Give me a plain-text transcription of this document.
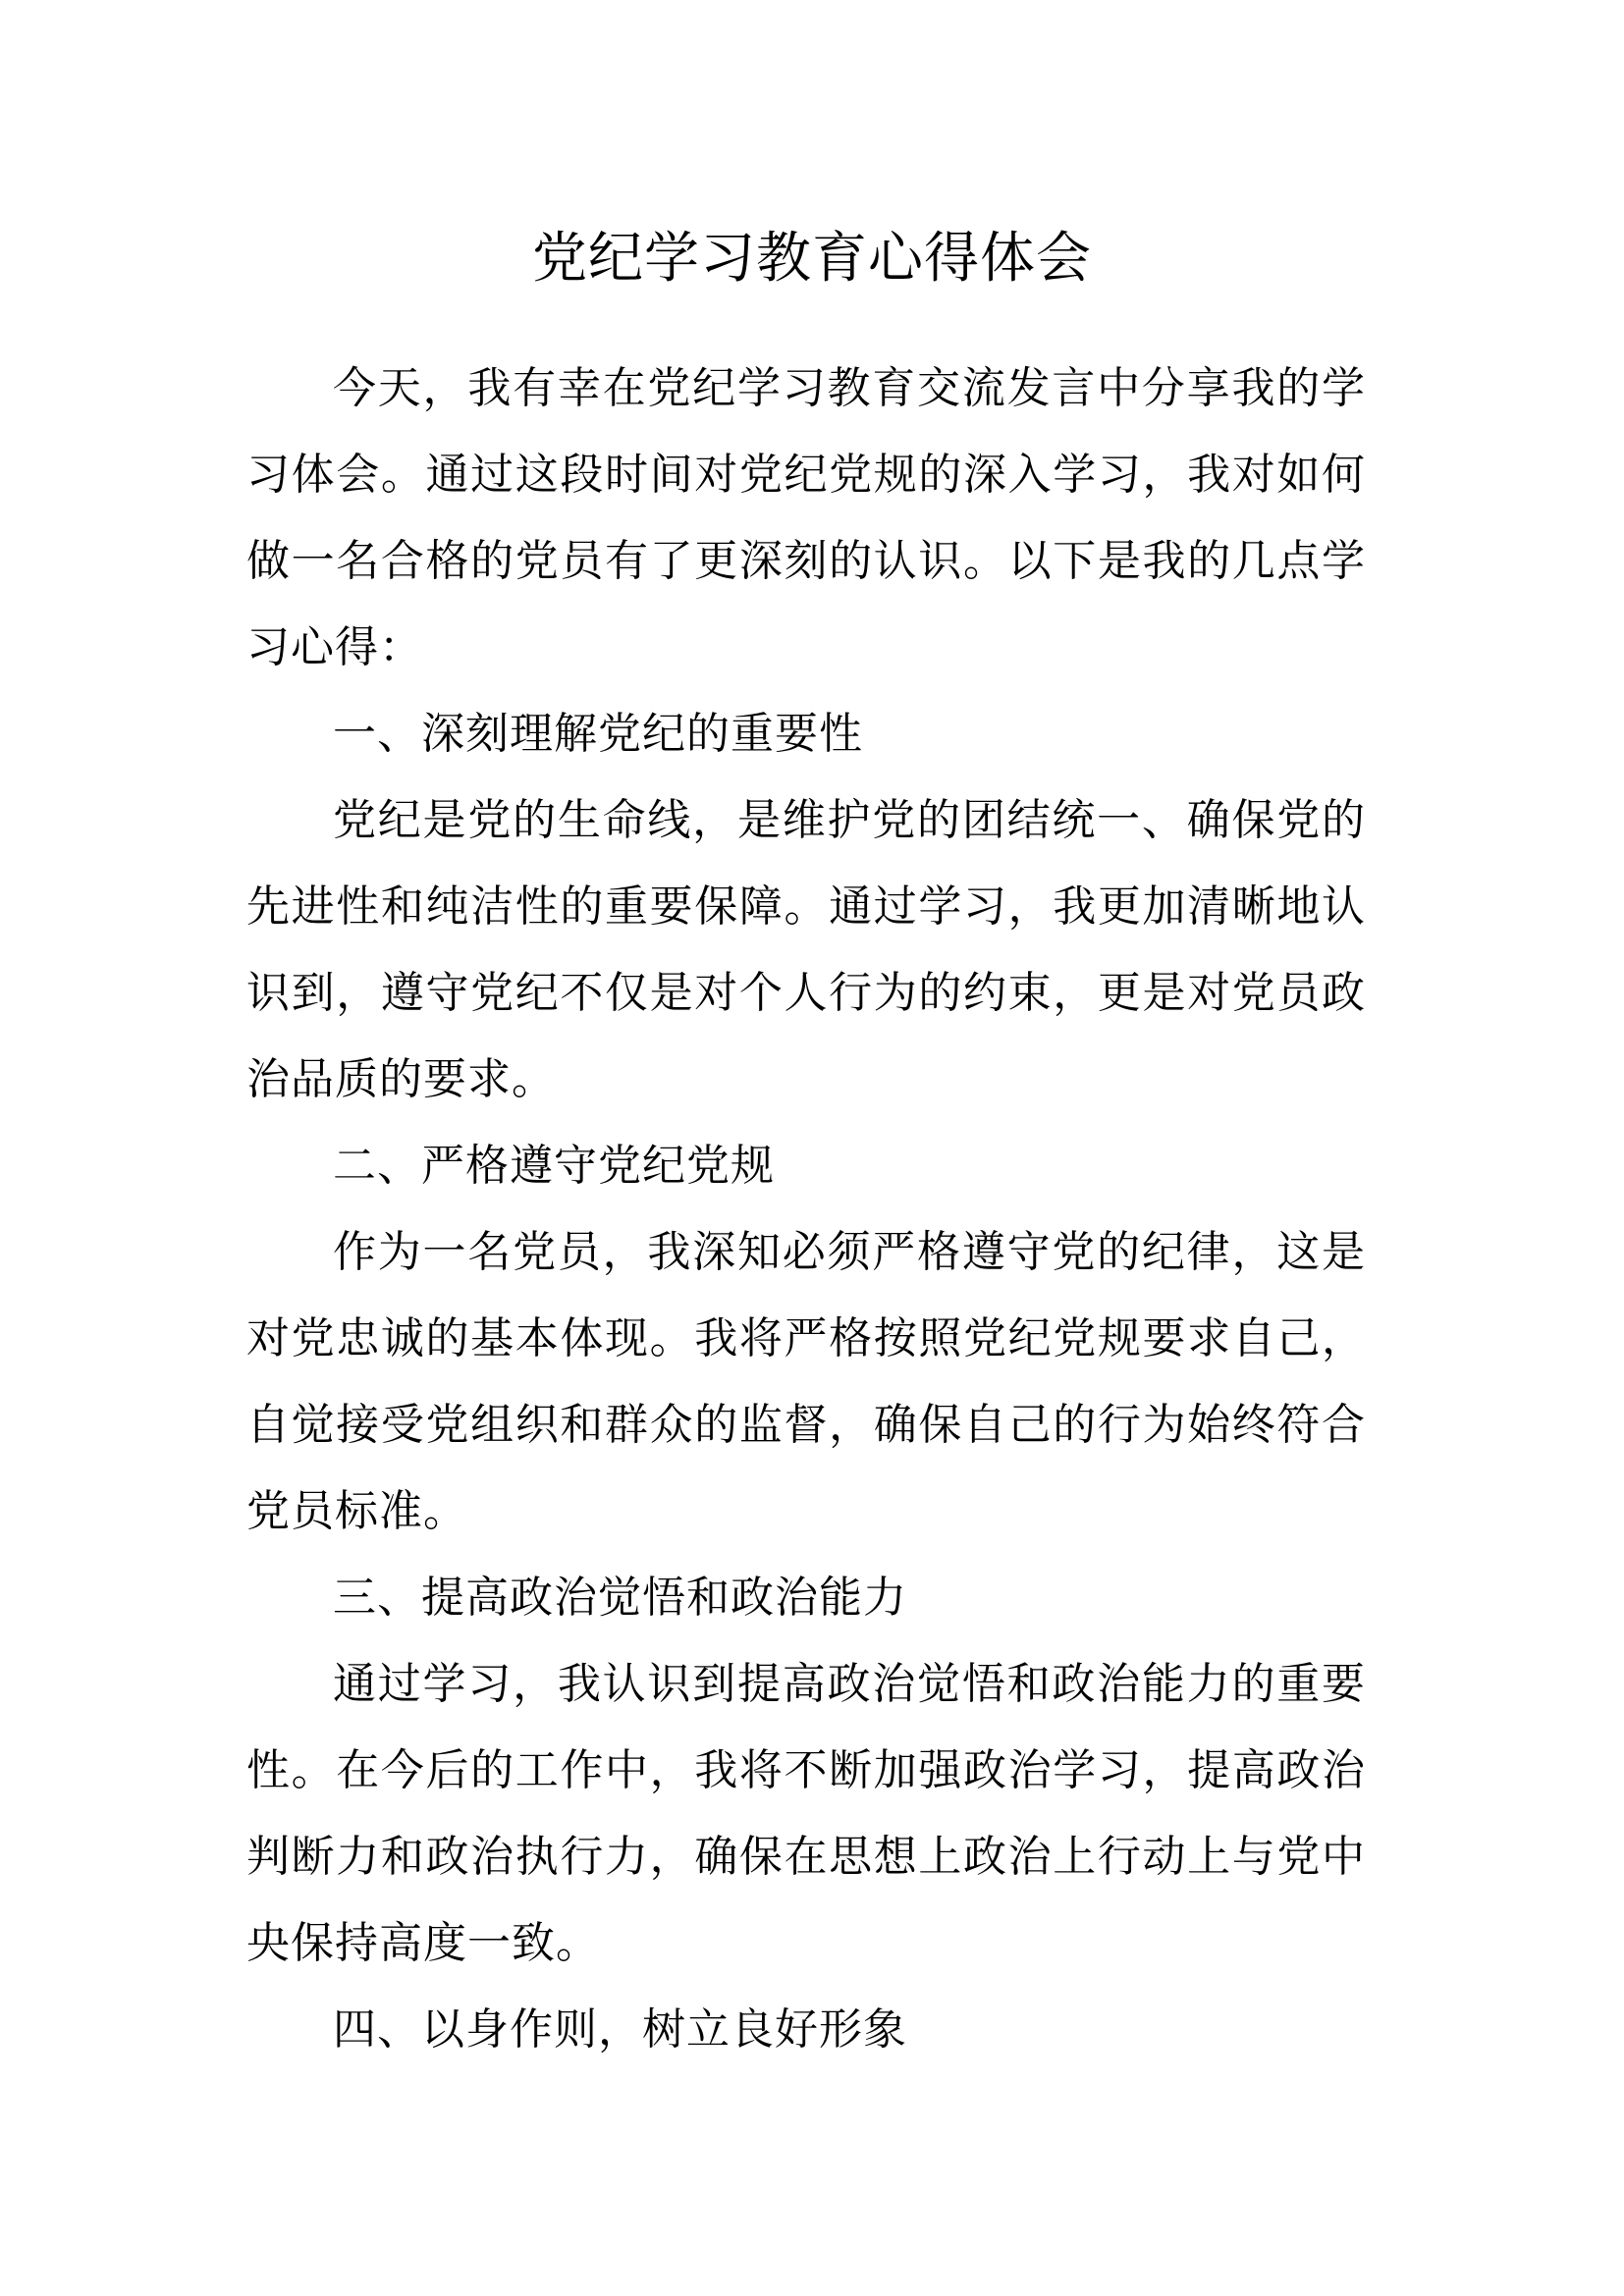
党纪学习教育心得体会

今天，我有幸在党纪学习教育交流发言中分享我的学习体会。通过这段时间对党纪党规的深入学习，我对如何做一名合格的党员有了更深刻的认识。以下是我的几点学习心得：

一、深刻理解党纪的重要性

党纪是党的生命线，是维护党的团结统一、确保党的先进性和纯洁性的重要保障。通过学习，我更加清晰地认识到，遵守党纪不仅是对个人行为的约束，更是对党员政治品质的要求。

二、严格遵守党纪党规

作为一名党员，我深知必须严格遵守党的纪律，这是对党忠诚的基本体现。我将严格按照党纪党规要求自己，自觉接受党组织和群众的监督，确保自己的行为始终符合党员标准。

三、提高政治觉悟和政治能力

通过学习，我认识到提高政治觉悟和政治能力的重要性。在今后的工作中，我将不断加强政治学习，提高政治判断力和政治执行力，确保在思想上政治上行动上与党中央保持高度一致。

四、以身作则，树立良好形象
